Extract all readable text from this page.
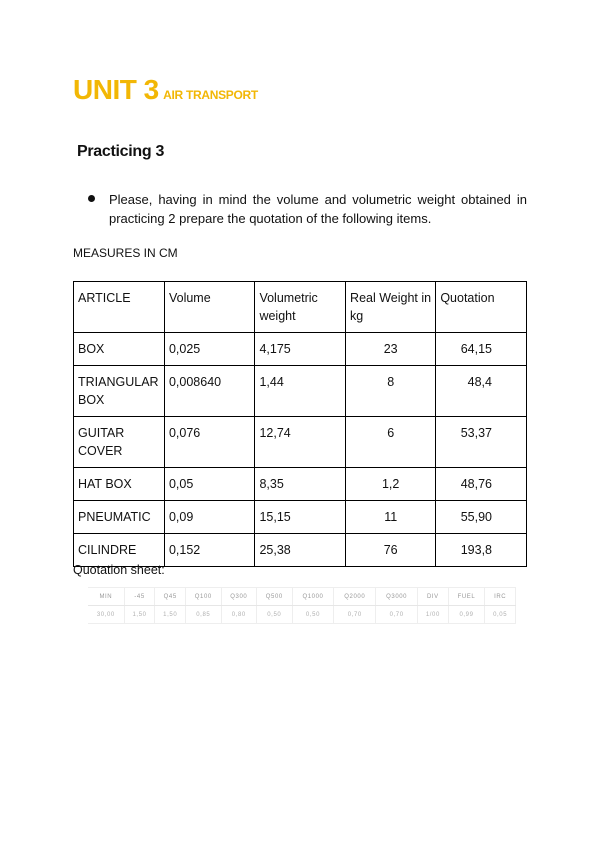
UNIT 3 AIR TRANSPORT
Practicing 3
Please, having in mind the volume and volumetric weight obtained in practicing 2 prepare the quotation of the following items.
MEASURES IN CM
ARTICLE	Volume	Volumetric weight	Real Weight in kg	Quotation
BOX	0,025	4,175	23	64,15
TRIANGULAR BOX	0,008640	1,44	8	48,4
GUITAR COVER	0,076	12,74	6	53,37
HAT BOX	0,05	8,35	1,2	48,76
PNEUMATIC	0,09	15,15	11	55,90
CILINDRE	0,152	25,38	76	193,8
Quotation sheet:
MIN	-45	Q45	Q100	Q300	Q500	Q1000	Q2000	Q3000	DIV	FUEL	IRC
30,00	1,50	1,50	0,85	0,80	0,50	0,50	0,70	0,70	1/00	0,99	0,05
